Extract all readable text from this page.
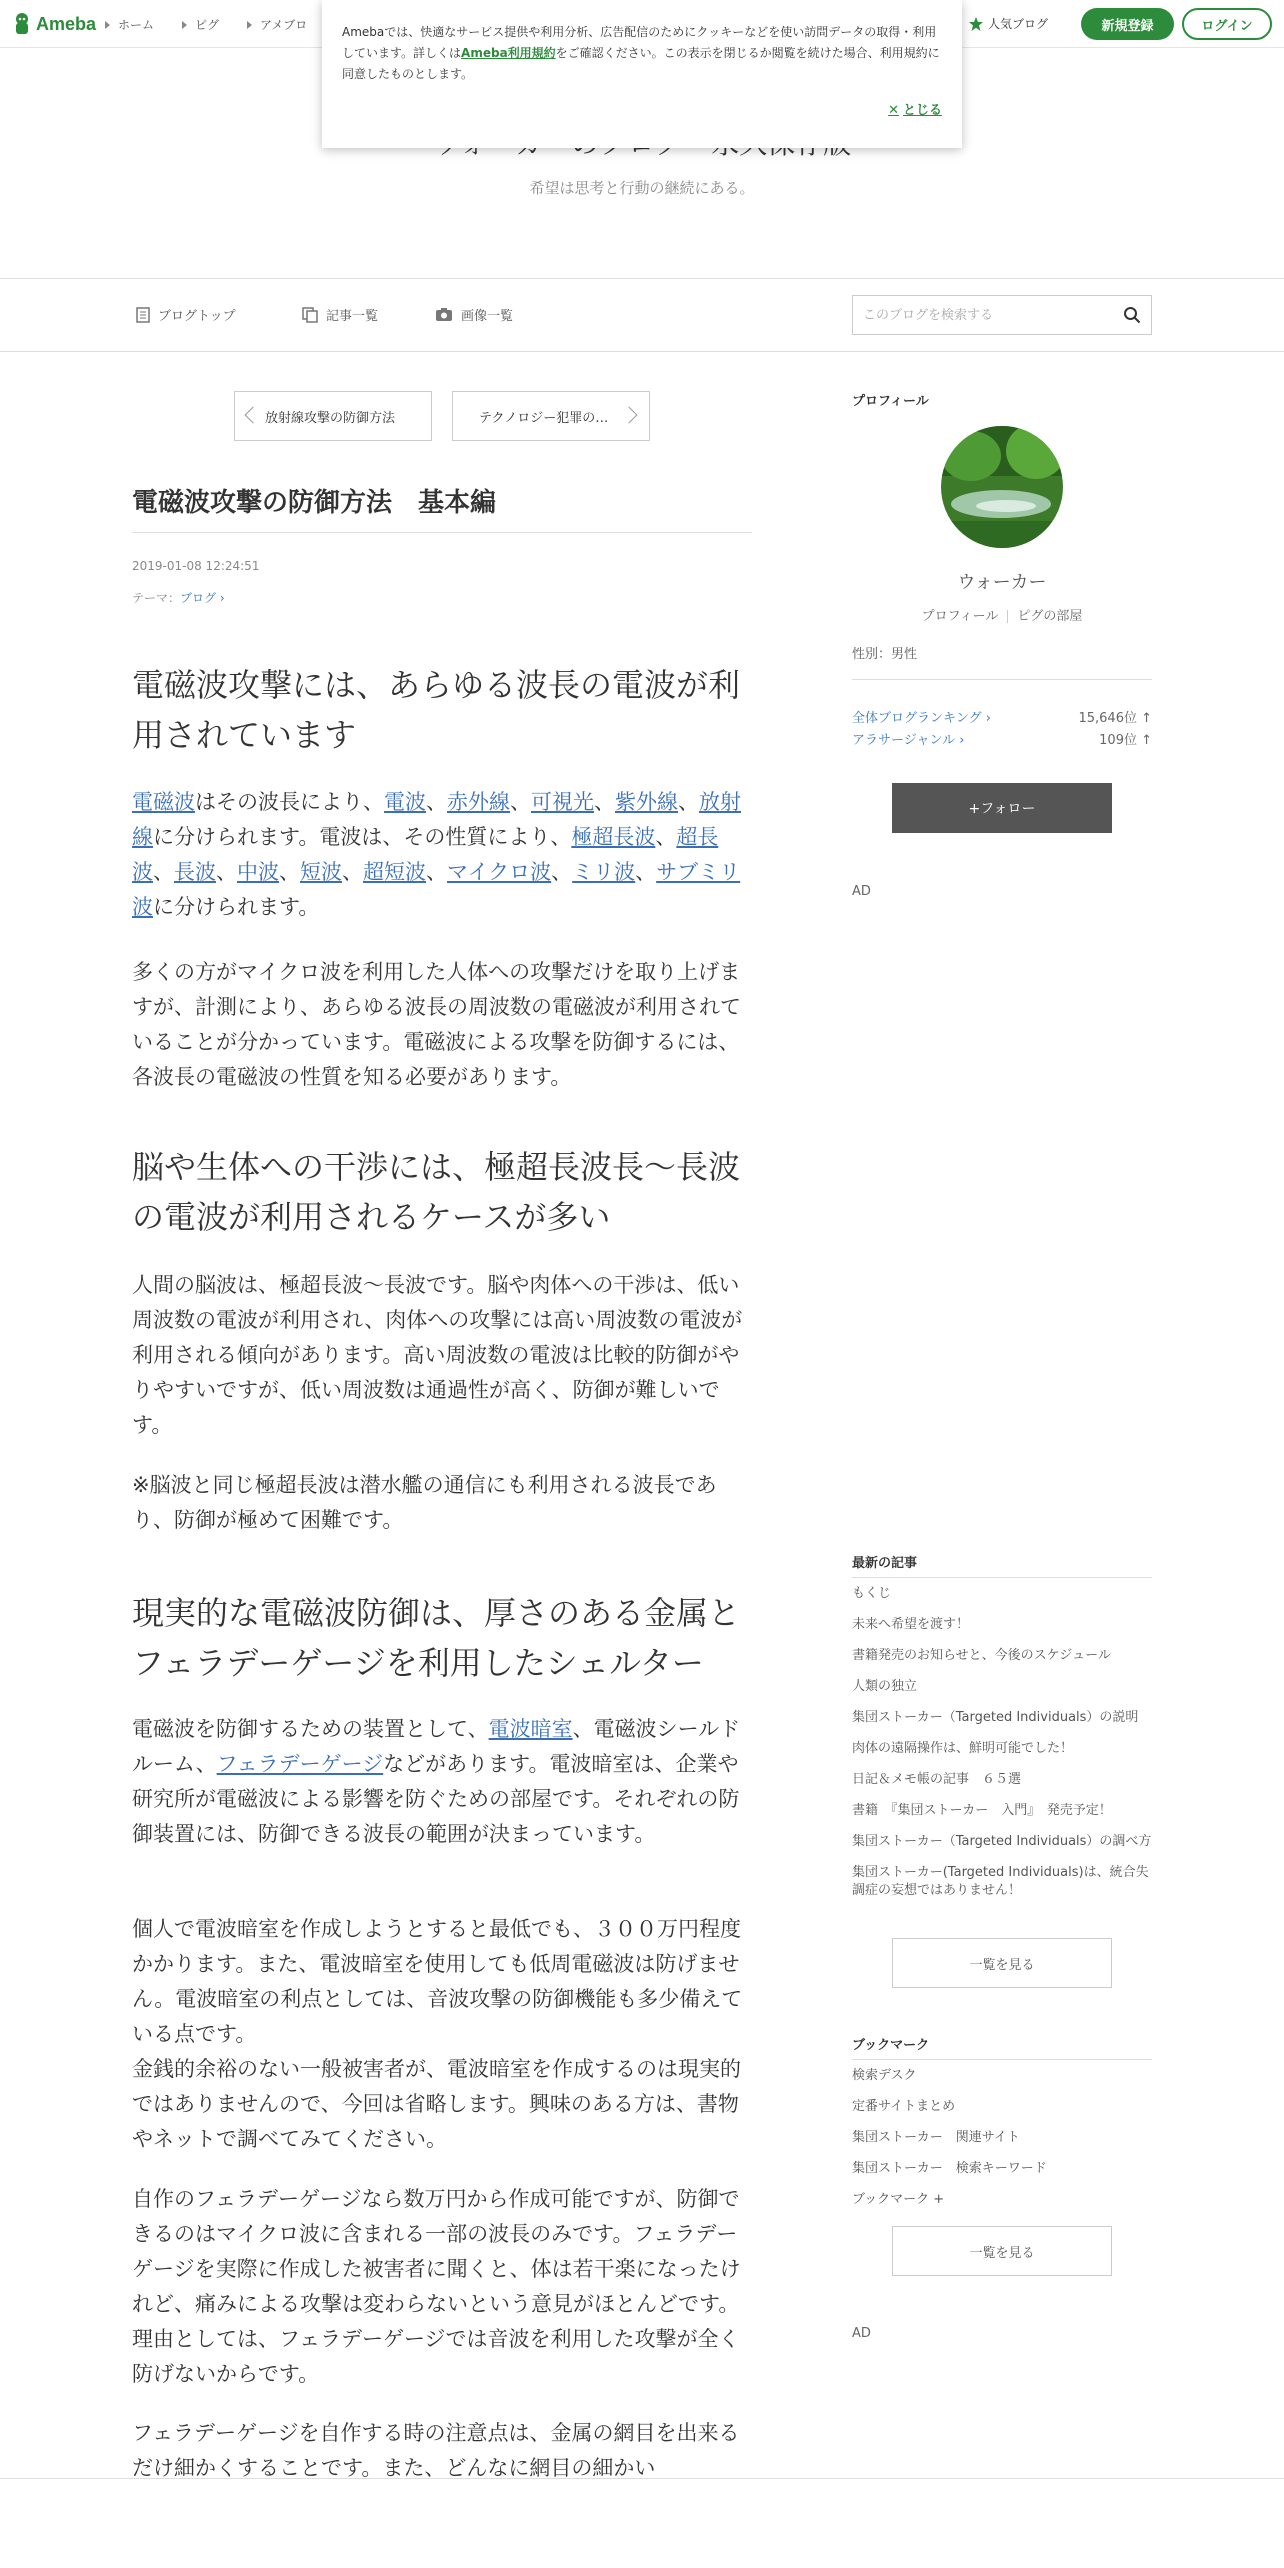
Ameba ホーム	ピグ	アメブロ	人気ブログ	新規登録	ログイン
希望は思考と行動の継続にある。
Amebaでは、快適なサービス提供や利用分析、広告配信のためにクッキーなどを使い訪問データの取得・利用しています。詳しくはAmeba利用規約をご確認ください。この表示を閉じるか閲覧を続けた場合、利用規約に同意したものとします。
✕ とじる
ブログトップ	記事一覧	画像一覧
このブログを検索する
放射線攻撃の防御方法	テクノロジー犯罪の…
電磁波攻撃の防御方法　基本編
2019-01-08 12:24:51
テーマ：ブログ ›
電磁波攻撃には、あらゆる波長の電波が利用されています

電磁波はその波長により、電波、赤外線、可視光、紫外線、放射線に分けられます。電波は、その性質により、極超長波、超長波、長波、中波、短波、超短波、マイクロ波、ミリ波、サブミリ波に分けられます。

多くの方がマイクロ波を利用した人体への攻撃だけを取り上げますが、計測により、あらゆる波長の周波数の電磁波が利用されていることが分かっています。電磁波による攻撃を防御するには、各波長の電磁波の性質を知る必要があります。

脳や生体への干渉には、極超長波長～長波の電波が利用されるケースが多い

人間の脳波は、極超長波～長波です。脳や肉体への干渉は、低い周波数の電波が利用され、肉体への攻撃には高い周波数の電波が利用される傾向があります。高い周波数の電波は比較的防御がやりやすいですが、低い周波数は通過性が高く、防御が難しいです。

※脳波と同じ極超長波は潜水艦の通信にも利用される波長であり、防御が極めて困難です。

現実的な電磁波防御は、厚さのある金属とフェラデーゲージを利用したシェルター

電磁波を防御するための装置として、電波暗室、電磁波シールドルーム、フェラデーゲージなどがあります。電波暗室は、企業や研究所が電磁波による影響を防ぐための部屋です。それぞれの防御装置には、防御できる波長の範囲が決まっています。

個人で電波暗室を作成しようとすると最低でも、３００万円程度かかります。また、電波暗室を使用しても低周電磁波は防げません。電波暗室の利点としては、音波攻撃の防御機能も多少備えている点です。

金銭的余裕のない一般被害者が、電波暗室を作成するのは現実的ではありませんので、今回は省略します。興味のある方は、書物やネットで調べてみてください。

自作のフェラデーゲージなら数万円から作成可能ですが、防御できるのはマイクロ波に含まれる一部の波長のみです。フェラデーゲージを実際に作成した被害者に聞くと、体は若干楽になったけれど、痛みによる攻撃は変わらないという意見がほとんどです。理由としては、フェラデーゲージでは音波を利用した攻撃が全く防げないからです。

フェラデーゲージを自作する時の注意点は、金属の網目を出来るだけ細かくすることです。また、どんなに網目の細かい

プロフィール
ウォーカー
プロフィール ピグの部屋
性別：男性
全体ブログランキング ›	15,646位 ↑
アラサージャンル ›	109位 ↑
+フォロー
AD
最新の記事
もくじ
未来へ希望を渡す！
書籍発売のお知らせと、今後のスケジュール
人類の独立
集団ストーカー（Targeted Individuals）の説明
肉体の遠隔操作は、鮮明可能でした！
日記＆メモ帳の記事　６５選
書籍　『集団ストーカー　入門』　発売予定！
集団ストーカー（Targeted Individuals）の調べ方
集団ストーカー(Targeted Individuals)は、統合失調症の妄想ではありません！
一覧を見る
ブックマーク
検索デスク
定番サイトまとめ
集団ストーカー　関連サイト
集団ストーカー　検索キーワード
ブックマーク +
一覧を見る
AD
